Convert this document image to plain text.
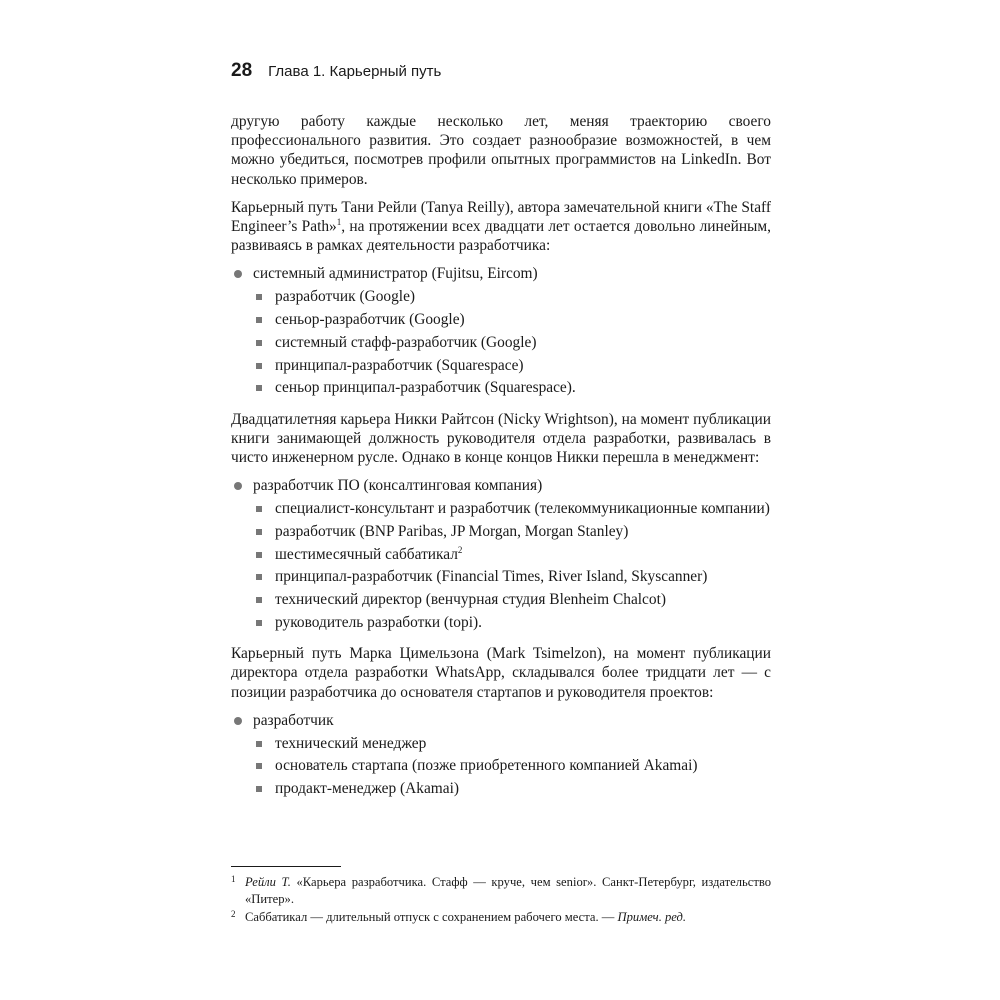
28 Глава 1. Карьерный путь

другую работу каждые несколько лет, меняя траекторию своего профессионального развития. Это создает разнообразие возможностей, в чем можно убедиться, посмотрев профили опытных программистов на LinkedIn. Вот несколько примеров.

Карьерный путь Тани Рейли (Tanya Reilly), автора замечательной книги «The Staff Engineer’s Path»$^1$, на протяжении всех двадцати лет остается довольно линейным, развиваясь в рамках деятельности разработчика:

системный администратор (Fujitsu, Eircom)

разработчик (Google)

сеньор-разработчик (Google)

системный стафф-разработчик (Google)

принципал-разработчик (Squarespace)

сеньор принципал-разработчик (Squarespace).

Двадцатилетняя карьера Никки Райтсон (Nicky Wrightson), на момент публикации книги занимающей должность руководителя отдела разработки, развивалась в чисто инженерном русле. Однако в конце концов Никки перешла в менеджмент:

разработчик ПО (консалтинговая компания)

специалист-консультант и разработчик (телекоммуникационные компании)

разработчик (BNP Paribas, JP Morgan, Morgan Stanley)

шестимесячный саббатикал$^2$

принципал-разработчик (Financial Times, River Island, Skyscanner)

технический директор (венчурная студия Blenheim Chalcot)

руководитель разработки (topi).

Карьерный путь Марка Цимельзона (Mark Tsimelzon), на момент публикации директора отдела разработки WhatsApp, складывался более тридцати лет — с позиции разработчика до основателя стартапов и руководителя проектов:

разработчик

технический менеджер

основатель стартапа (позже приобретенного компанией Akamai)

продакт-менеджер (Akamai)

1 Рейли Т. «Карьера разработчика. Стафф — круче, чем senior». Санкт-Петербург, издательство «Питер».

2 Саббатикал — длительный отпуск с сохранением рабочего места. — Примеч. ред.
